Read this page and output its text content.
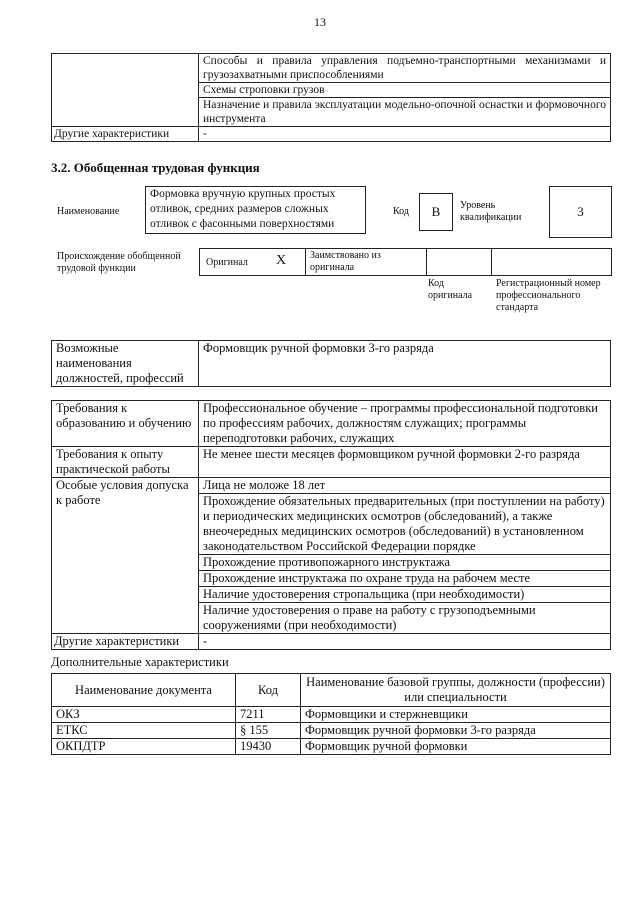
13
	Способы и правила управления подъемно-транспортными механизмами и грузозахватными приспособлениями
	Схемы строповки грузов
	Назначение и правила эксплуатации модельно-опочной оснастки и формовочного инструмента
Другие характеристики	-
3.2. Обобщенная трудовая функция
Наименование
Формовка вручную крупных простых отливок, средних размеров сложных отливок с фасонными поверхностями
Код	B	Уровень квалификации	3
Происхождение обобщенной трудовой функции
Оригинал X Заимствовано из оригинала
Код оригинала
Регистрационный номер профессионального стандарта
Возможные наименования должностей, профессий	Формовщик ручной формовки 3-го разряда
Требования к образованию и обучению	Профессиональное обучение – программы профессиональной подготовки по профессиям рабочих, должностям служащих; программы переподготовки рабочих, служащих
Требования к опыту практической работы	Не менее шести месяцев формовщиком ручной формовки 2-го разряда
Особые условия допуска к работе	Лица не моложе 18 лет
	Прохождение обязательных предварительных (при поступлении на работу) и периодических медицинских осмотров (обследований), а также внеочередных медицинских осмотров (обследований) в установленном законодательством Российской Федерации порядке
	Прохождение противопожарного инструктажа
	Прохождение инструктажа по охране труда на рабочем месте
	Наличие удостоверения стропальщика (при необходимости)
	Наличие удостоверения о праве на работу с грузоподъемными сооружениями (при необходимости)
Другие характеристики	-
Дополнительные характеристики
Наименование документа	Код	Наименование базовой группы, должности (профессии) или специальности
ОКЗ	7211	Формовщики и стержневщики
ЕТКС	§ 155	Формовщик ручной формовки 3-го разряда
ОКПДТР	19430	Формовщик ручной формовки
